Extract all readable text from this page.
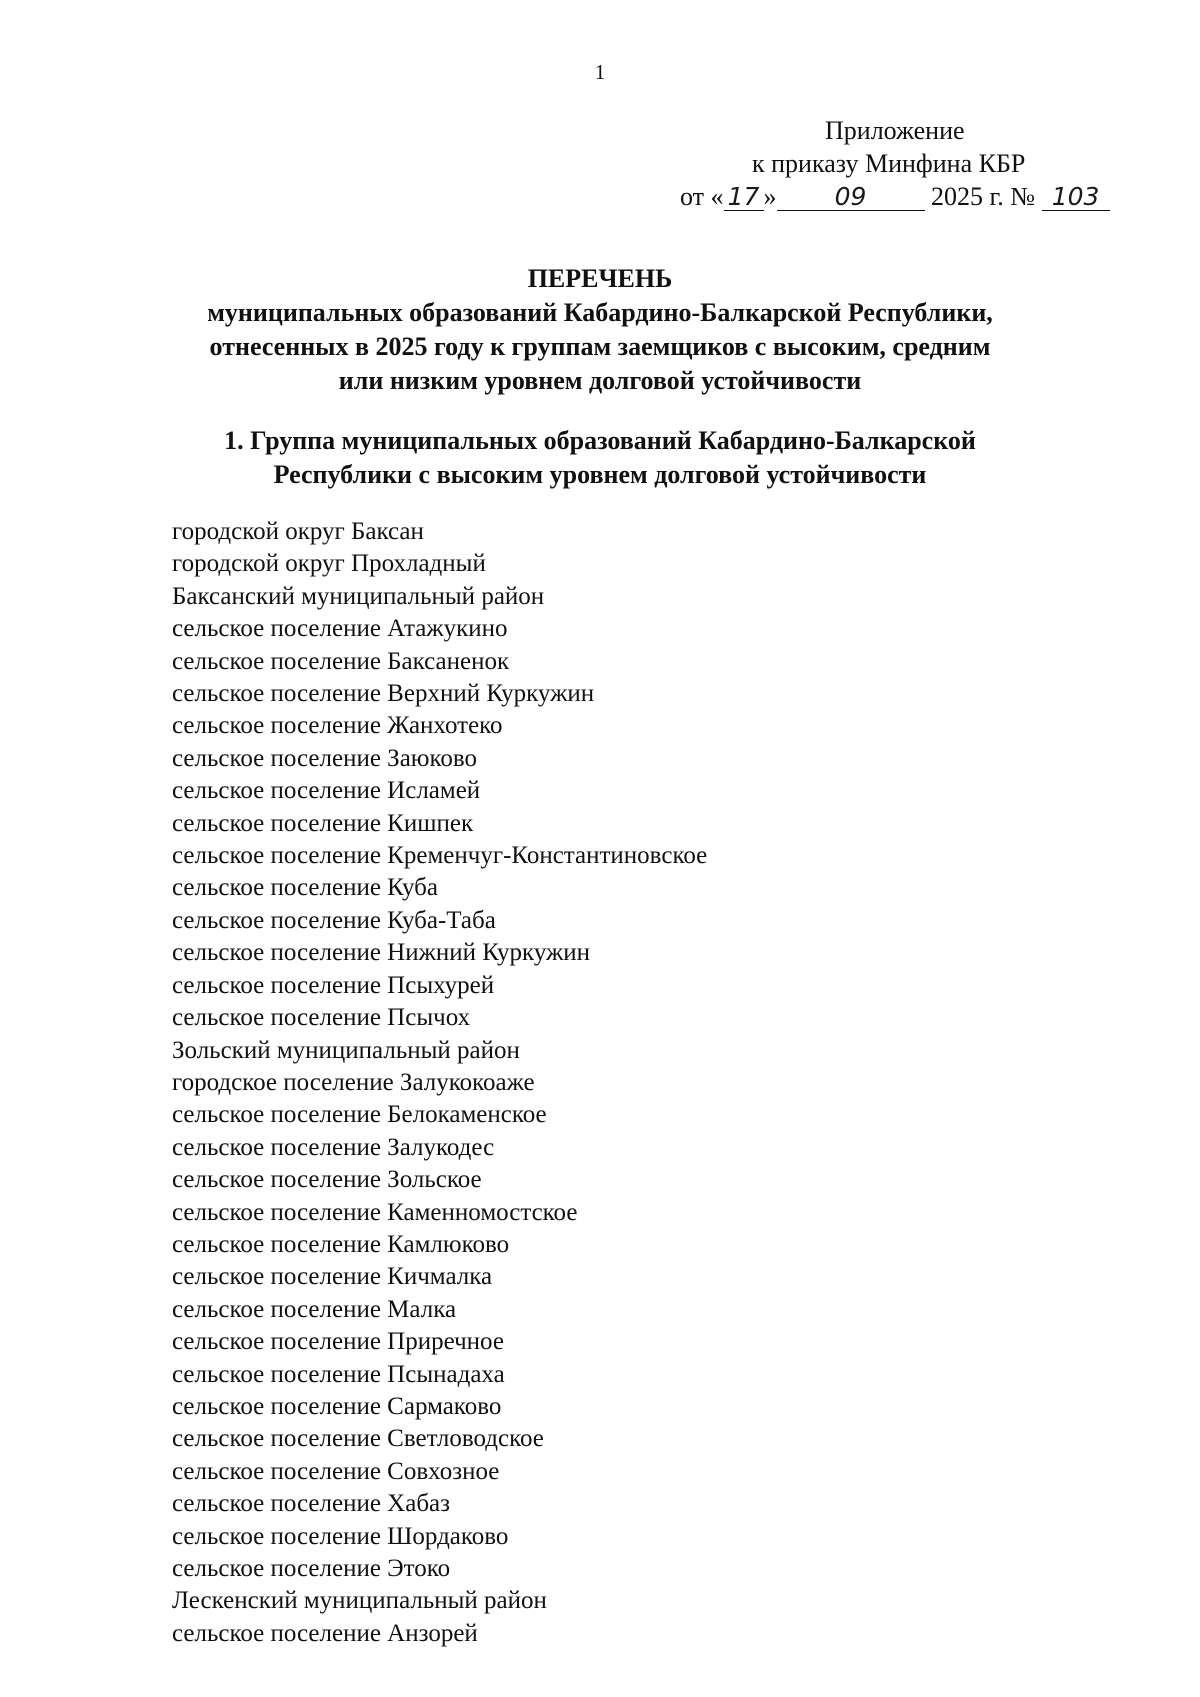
1
Приложение
к приказу Минфина КБР
от « 17 » 09 2025 г. № 103
ПЕРЕЧЕНЬ
муниципальных образований Кабардино-Балкарской Республики,
отнесенных в 2025 году к группам заемщиков с высоким, средним
или низким уровнем долговой устойчивости
1. Группа муниципальных образований Кабардино-Балкарской
Республики с высоким уровнем долговой устойчивости
городской округ Баксан
городской округ Прохладный
Баксанский муниципальный район
сельское поселение Атажукино
сельское поселение Баксаненок
сельское поселение Верхний Куркужин
сельское поселение Жанхотеко
сельское поселение Заюково
сельское поселение Исламей
сельское поселение Кишпек
сельское поселение Кременчуг-Константиновское
сельское поселение Куба
сельское поселение Куба-Таба
сельское поселение Нижний Куркужин
сельское поселение Псыхурей
сельское поселение Псычох
Зольский муниципальный район
городское поселение Залукокоаже
сельское поселение Белокаменское
сельское поселение Залукодес
сельское поселение Зольское
сельское поселение Каменномостское
сельское поселение Камлюково
сельское поселение Кичмалка
сельское поселение Малка
сельское поселение Приречное
сельское поселение Псынадаха
сельское поселение Сармаково
сельское поселение Светловодское
сельское поселение Совхозное
сельское поселение Хабаз
сельское поселение Шордаково
сельское поселение Этоко
Лескенский муниципальный район
сельское поселение Анзорей
